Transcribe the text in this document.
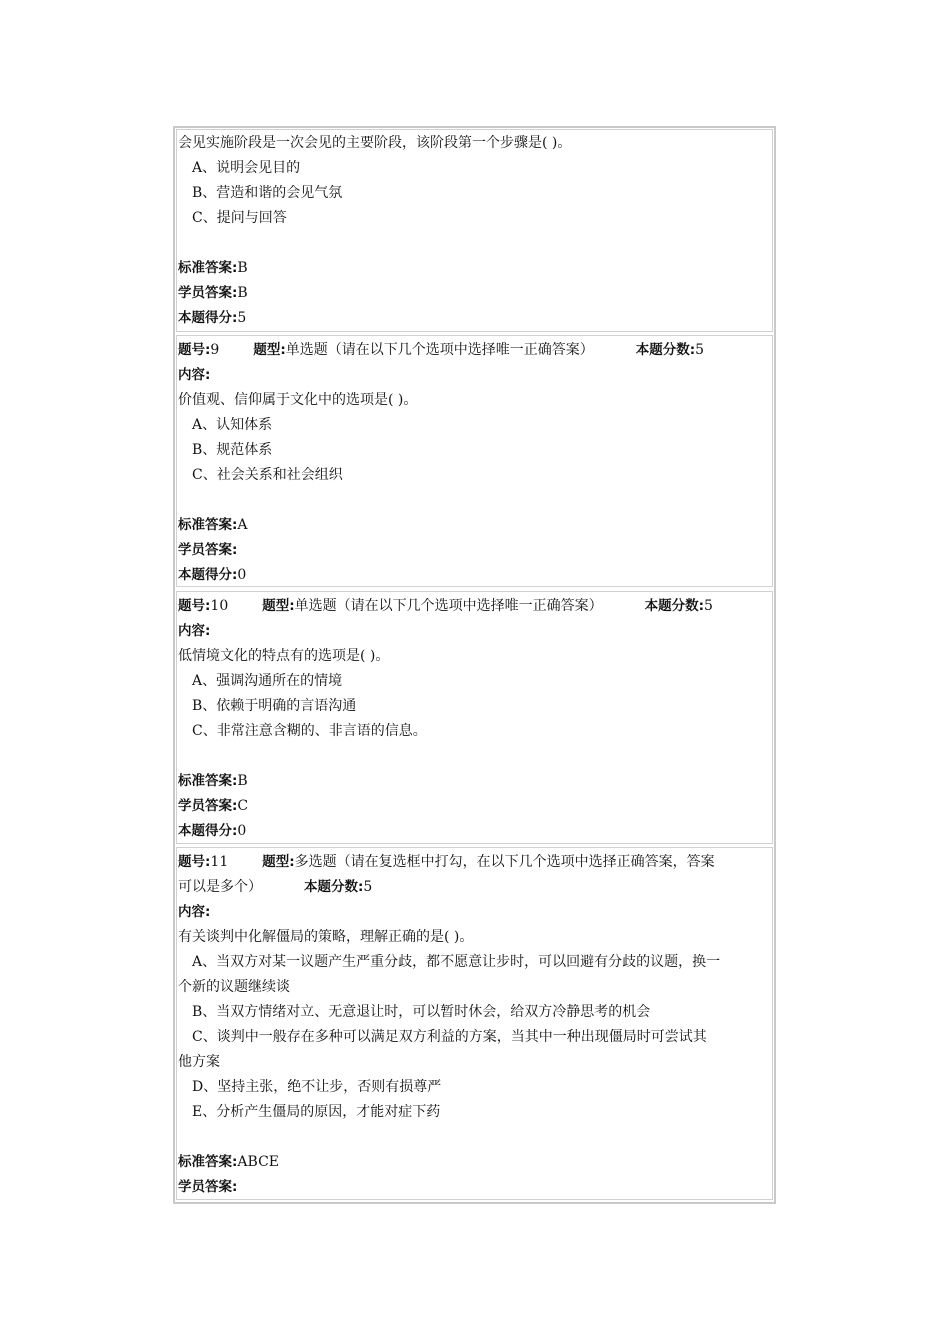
会见实施阶段是一次会见的主要阶段，该阶段第一个步骤是( )。
A、说明会见目的
B、营造和谐的会见气氛
C、提问与回答
标准答案:B
学员答案:B
本题得分:5
题号:9	题型:单选题（请在以下几个选项中选择唯一正确答案）	本题分数:5
内容:
价值观、信仰属于文化中的选项是( )。
A、认知体系
B、规范体系
C、社会关系和社会组织
标准答案:A
学员答案:
本题得分:0
题号:10	题型:单选题（请在以下几个选项中选择唯一正确答案）	本题分数:5
内容:
低情境文化的特点有的选项是( )。
A、强调沟通所在的情境
B、依赖于明确的言语沟通
C、非常注意含糊的、非言语的信息。
标准答案:B
学员答案:C
本题得分:0
题号:11	题型:多选题（请在复选框中打勾，在以下几个选项中选择正确答案，答案
可以是多个）	本题分数:5
内容:
有关谈判中化解僵局的策略，理解正确的是( )。
A、当双方对某一议题产生严重分歧，都不愿意让步时，可以回避有分歧的议题，换一
个新的议题继续谈
B、当双方情绪对立、无意退让时，可以暂时休会，给双方冷静思考的机会
C、谈判中一般存在多种可以满足双方利益的方案，当其中一种出现僵局时可尝试其
他方案
D、坚持主张，绝不让步，否则有损尊严
E、分析产生僵局的原因，才能对症下药
标准答案:ABCE
学员答案:
